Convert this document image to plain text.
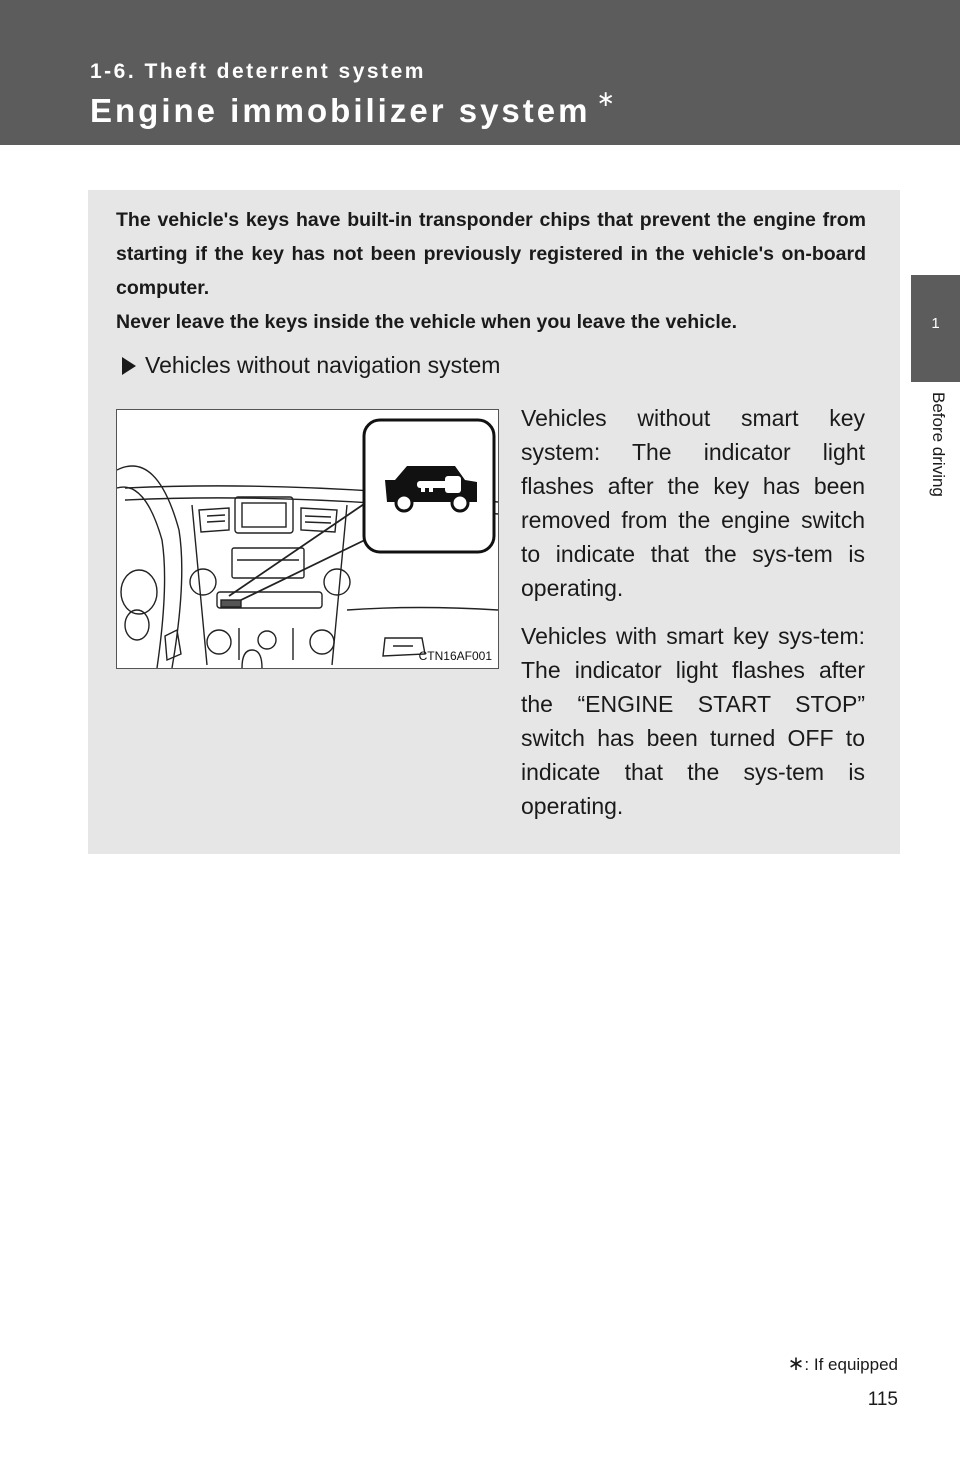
1-6. Theft deterrent system
Engine immobilizer system ∗
1
Before driving

The vehicle's keys have built-in transponder chips that prevent the engine from starting if the key has not been previously registered in the vehicle's on-board computer.

Never leave the keys inside the vehicle when you leave the vehicle.

Vehicles without navigation system
CTN16AF001

Vehicles without smart key system: The indicator light flashes after the key has been removed from the engine switch to indicate that the sys-tem is operating.

Vehicles with smart key sys-tem: The indicator light flashes after the “ENGINE START STOP” switch has been turned OFF to indicate that the sys-tem is operating.

∗: If equipped
115
